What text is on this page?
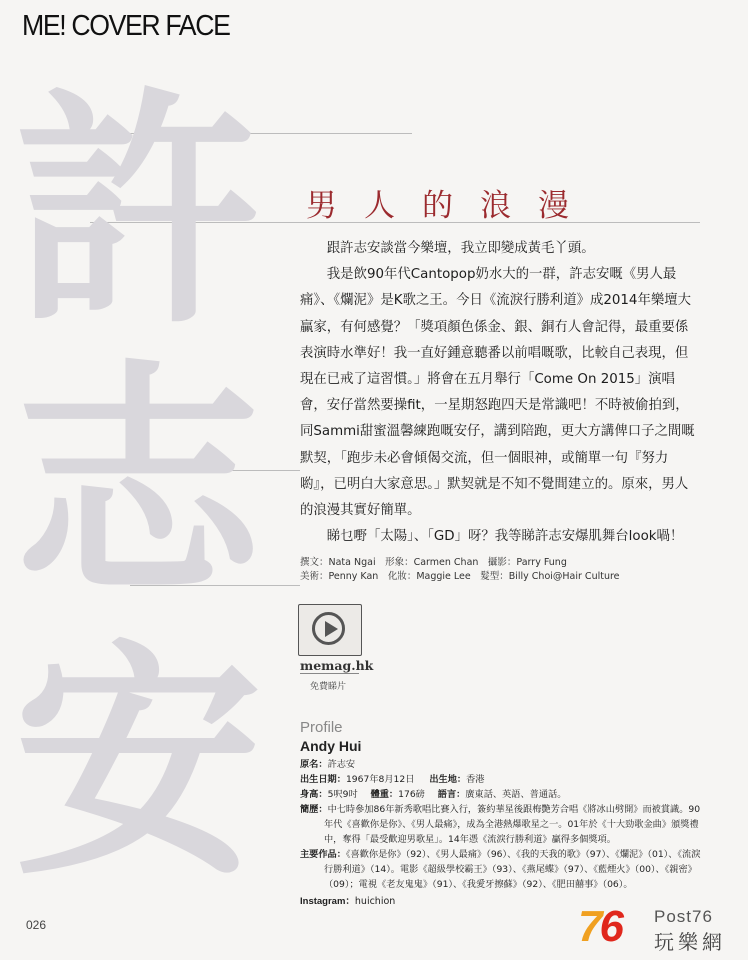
ME! COVER FACE
許
志
安
男人的浪漫

跟許志安談當今樂壇，我立即變成黃毛丫頭。

我是飲90年代Cantopop奶水大的一群，許志安嘅《男人最痛》、《爛泥》是K歌之王。今日《流淚行勝利道》成2014年樂壇大贏家，有何感覺？「獎項顏色係金、銀、銅冇人會記得，最重要係表演時水準好！我一直好鍾意聽番以前唱嘅歌，比較自己表現，但現在已戒了這習慣。」將會在五月舉行「Come On 2015」演唱會，安仔當然要操fit，一星期怒跑四天是常識吧！不時被偷拍到，同Sammi甜蜜溫馨練跑嘅安仔，講到陪跑，更大方講俾口子之間嘅默契，「跑步未必會傾偈交流，但一個眼神，或簡單一句『努力喲』，已明白大家意思。」默契就是不知不覺間建立的。原來，男人的浪漫其實好簡單。

睇乜嘢「太陽」、「GD」呀？我等睇許志安爆肌舞台look喎！

撰文：Nata Ngai　形象：Carmen Chan　攝影：Parry Fung
美術：Penny Kan　化妝：Maggie Lee　髮型：Billy Choi@Hair Culture
memag.hk
免費睇片
Profile
Andy Hui
原名：許志安
出生日期：1967年8月12日 出生地：香港
身高：5呎9吋 體重：176磅 語言：廣東話、英語、普通話。
簡歷：中七時參加86年新秀歌唱比賽入行，簽約華星後跟梅艷芳合唱《將冰山劈開》而被賞識。90年代《喜歡你是你》、《男人最痛》，成為全港熱爆歌星之一。01年於《十大勁歌金曲》頒獎禮中，奪得「最受歡迎男歌星」。14年憑《流淚行勝利道》贏得多個獎項。
主要作品：《喜歡你是你》（92）、《男人最痛》（96）、《我的天我的歌》（97）、《爛泥》（01）、《流淚行勝利道》（14）。電影《超級學校霸王》（93）、《燕尾蝶》（97）、《藍煙火》（00）、《親密》（09）；電視《老友鬼鬼》（91）、《我愛牙擦蘇》（92）、《肥田囍事》（06）。
Instagram：huichion
026	76 Post76
玩樂網
